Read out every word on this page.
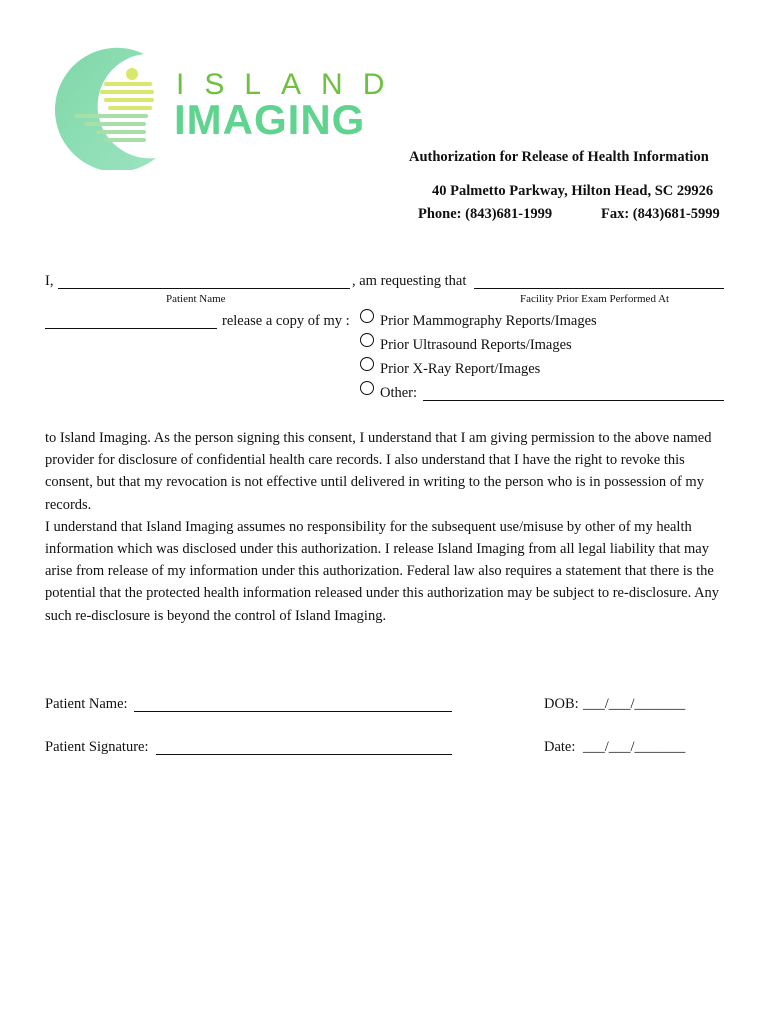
ISLAND
IMAGING
Authorization for Release of Health Information
40 Palmetto Parkway, Hilton Head, SC 29926
Phone: (843)681-1999	Fax: (843)681-5999
I,	, am requesting that
Patient Name	Facility Prior Exam Performed At
release a copy of my : Prior Mammography Reports/Images
Prior Ultrasound Reports/Images
Prior X-Ray Report/Images
Other:

to Island Imaging. As the person signing this consent, I understand that I am giving permission to the above named provider for disclosure of confidential health care records. I also understand that I have the right to revoke this consent, but that my revocation is not effective until delivered in writing to the person who is in possession of my records.

I understand that Island Imaging assumes no responsibility for the subsequent use/misuse by other of my health information which was disclosed under this authorization. I release Island Imaging from all legal liability that may arise from release of my information under this authorization. Federal law also requires a statement that there is the potential that the protected health information released under this authorization may be subject to re-disclosure. Any such re-disclosure is beyond the control of Island Imaging.

Patient Name:	DOB: ___/___/_______
Patient Signature:	Date: ___/___/_______
